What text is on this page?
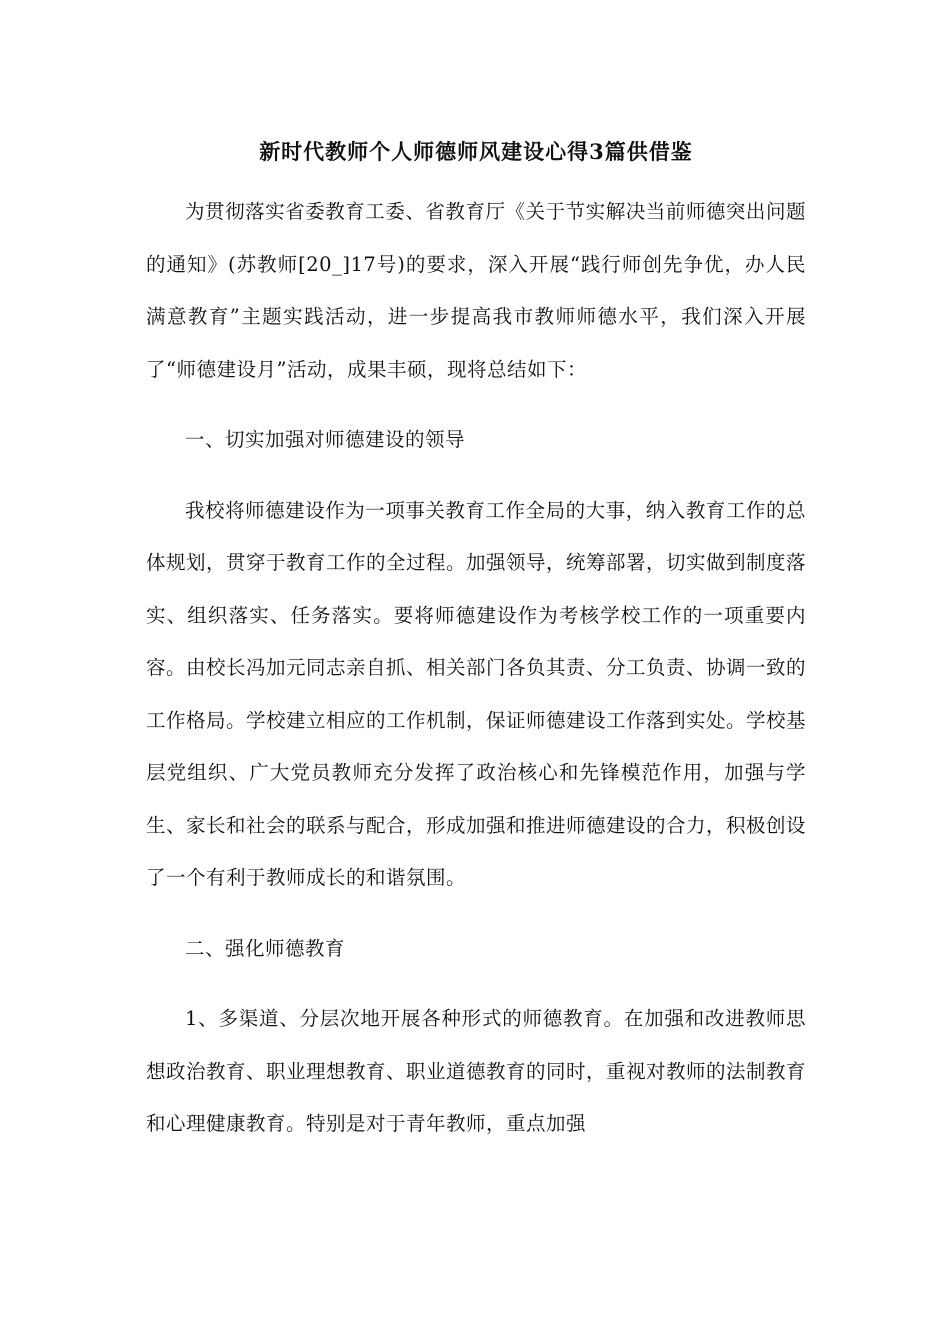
新时代教师个人师德师风建设心得3篇供借鉴

为贯彻落实省委教育工委、省教育厅《关于节实解决当前师德突出问题的通知》(苏教师[20_]17号)的要求，深入开展“践行师创先争优，办人民满意教育”主题实践活动，进一步提高我市教师师德水平，我们深入开展了“师德建设月”活动，成果丰硕，现将总结如下：

一、切实加强对师德建设的领导

我校将师德建设作为一项事关教育工作全局的大事，纳入教育工作的总体规划，贯穿于教育工作的全过程。加强领导，统筹部署，切实做到制度落实、组织落实、任务落实。要将师德建设作为考核学校工作的一项重要内容。由校长冯加元同志亲自抓、相关部门各负其责、分工负责、协调一致的工作格局。学校建立相应的工作机制，保证师德建设工作落到实处。学校基层党组织、广大党员教师充分发挥了政治核心和先锋模范作用，加强与学生、家长和社会的联系与配合，形成加强和推进师德建设的合力，积极创设了一个有利于教师成长的和谐氛围。

二、强化师德教育

1、多渠道、分层次地开展各种形式的师德教育。在加强和改进教师思想政治教育、职业理想教育、职业道德教育的同时，重视对教师的法制教育和心理健康教育。特别是对于青年教师，重点加强
